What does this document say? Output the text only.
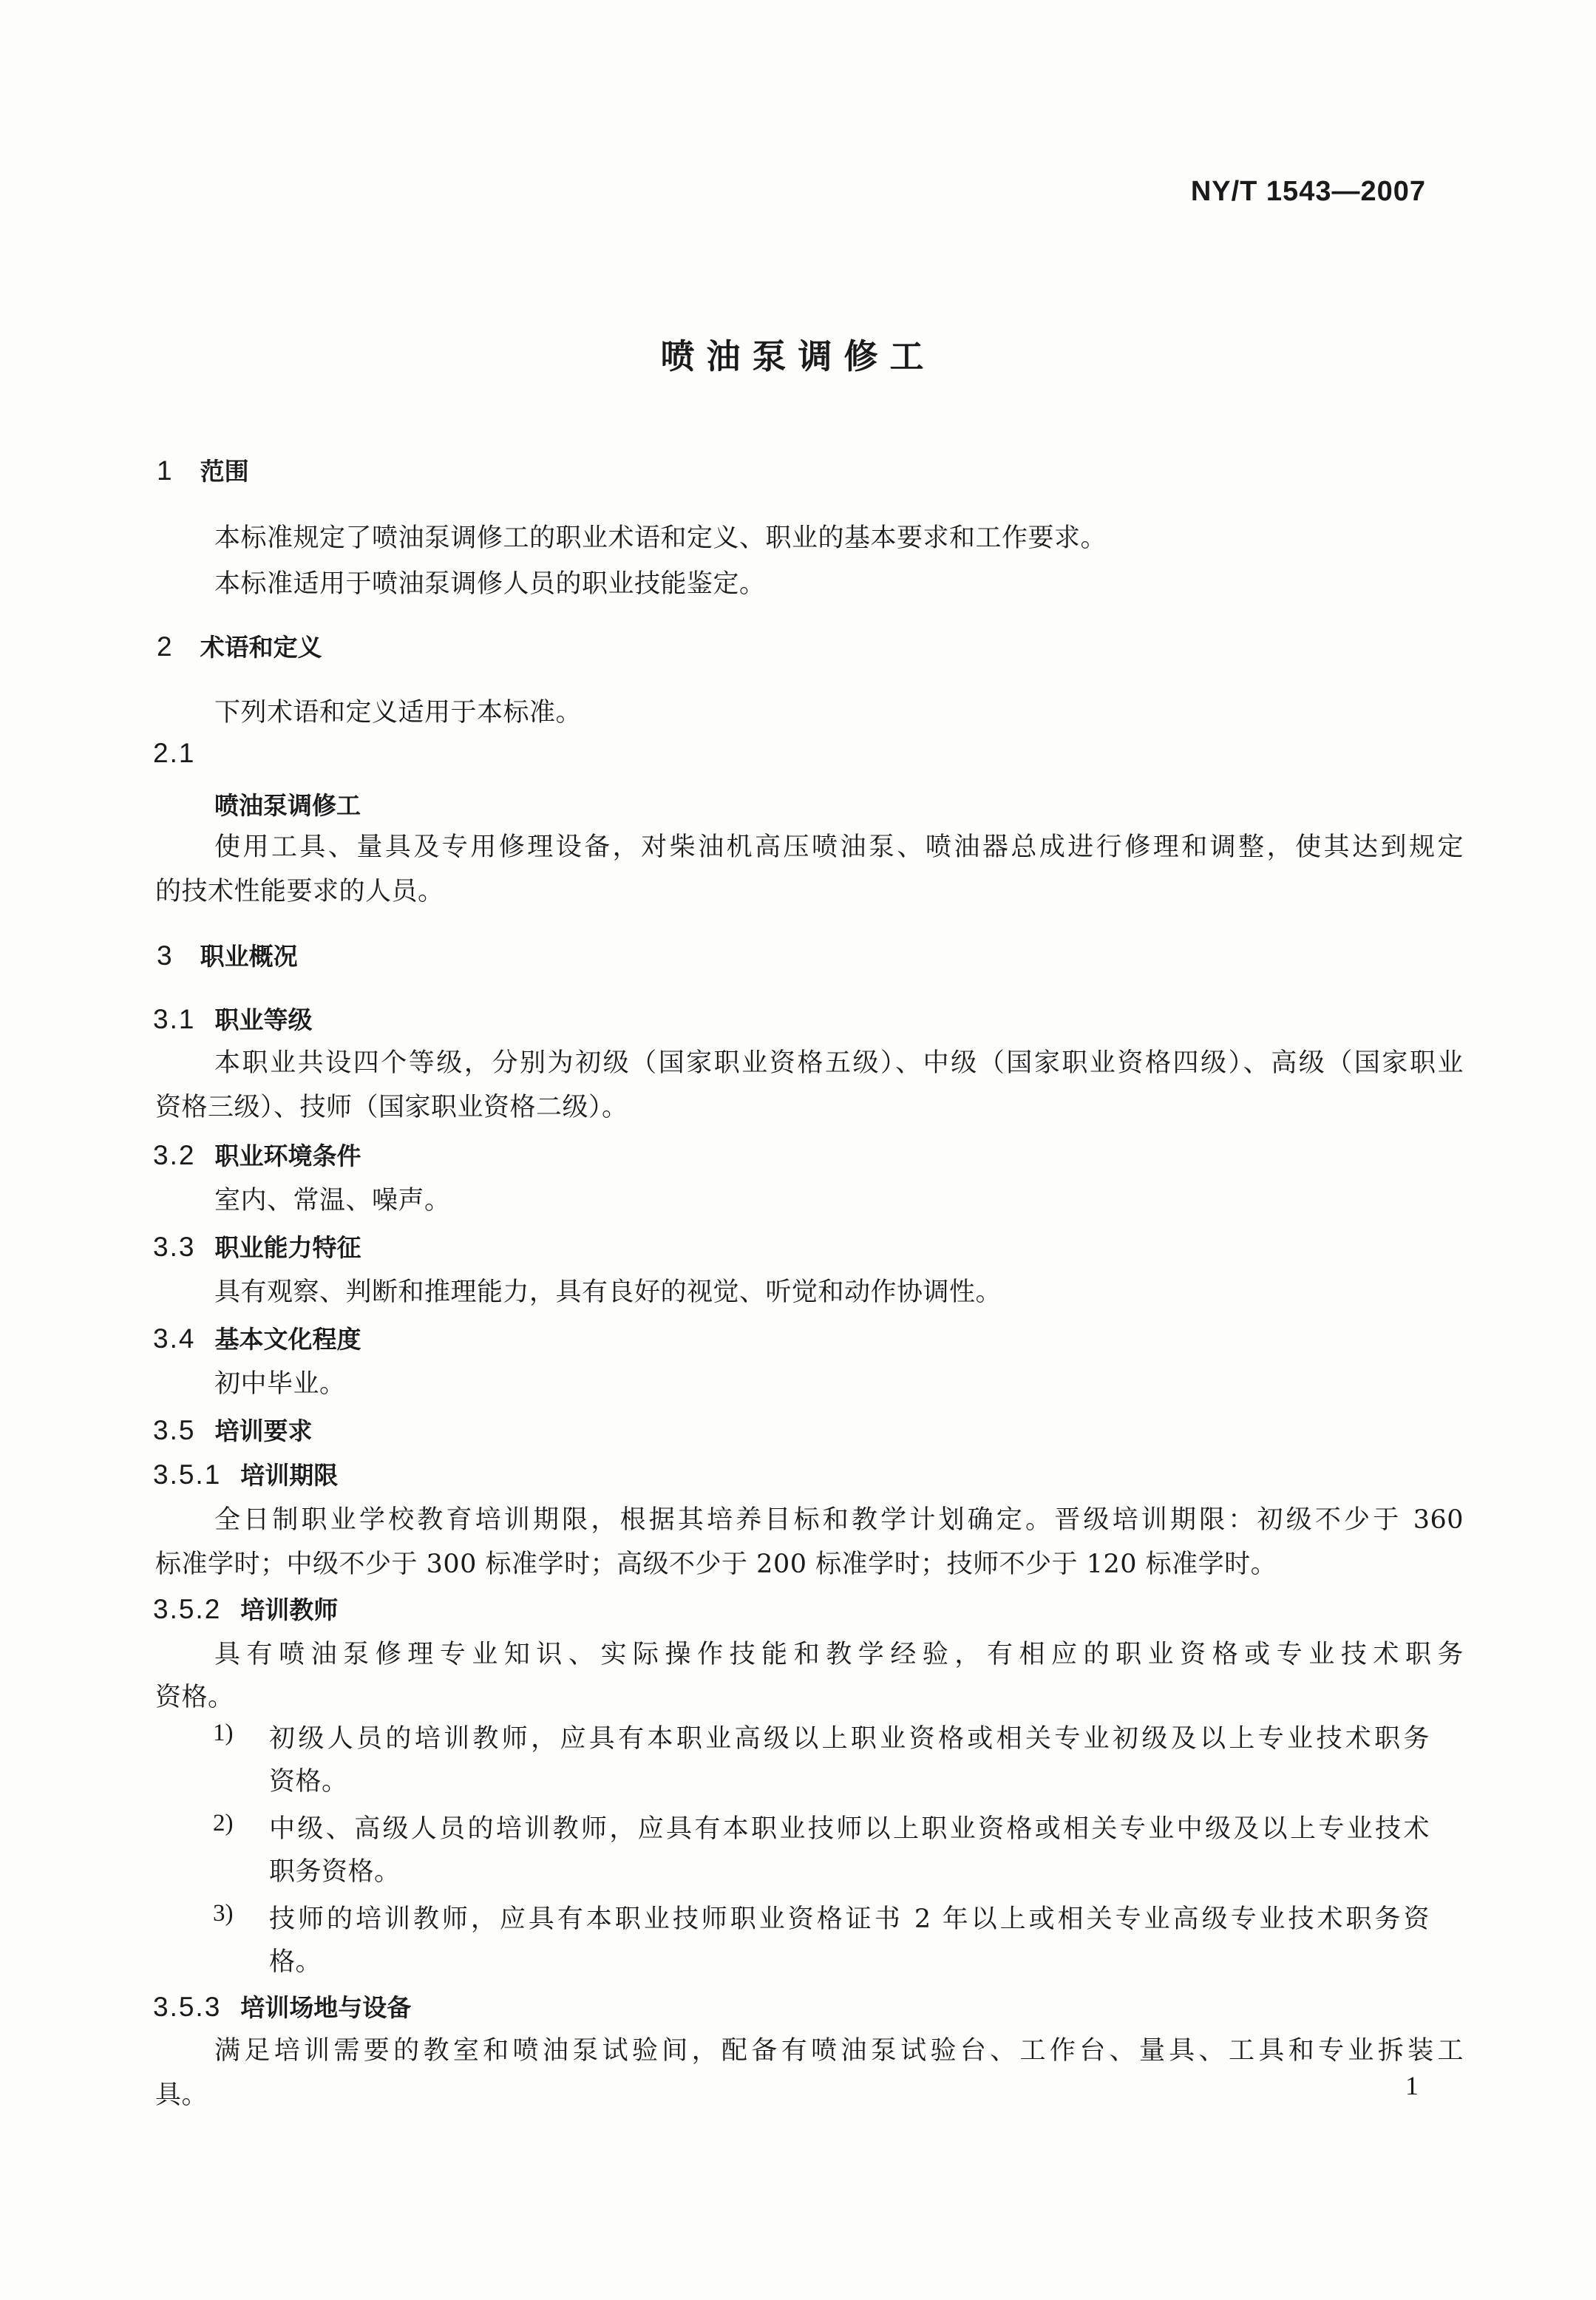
NY/T 1543—2007
喷油泵调修工
1 范围
本标准规定了喷油泵调修工的职业术语和定义、职业的基本要求和工作要求。
本标准适用于喷油泵调修人员的职业技能鉴定。
2 术语和定义
下列术语和定义适用于本标准。
2.1
喷油泵调修工
使用工具、量具及专用修理设备，对柴油机高压喷油泵、喷油器总成进行修理和调整，使其达到规定
的技术性能要求的人员。
3 职业概况
3.1 职业等级
本职业共设四个等级，分别为初级（国家职业资格五级）、中级（国家职业资格四级）、高级（国家职业
资格三级）、技师（国家职业资格二级）。
3.2 职业环境条件
室内、常温、噪声。
3.3 职业能力特征
具有观察、判断和推理能力，具有良好的视觉、听觉和动作协调性。
3.4 基本文化程度
初中毕业。
3.5 培训要求
3.5.1 培训期限
全日制职业学校教育培训期限，根据其培养目标和教学计划确定。晋级培训期限：初级不少于 360
标准学时；中级不少于 300 标准学时；高级不少于 200 标准学时；技师不少于 120 标准学时。
3.5.2 培训教师
具有喷油泵修理专业知识、实际操作技能和教学经验，有相应的职业资格或专业技术职务
资格。
1) 初级人员的培训教师，应具有本职业高级以上职业资格或相关专业初级及以上专业技术职务
资格。
2) 中级、高级人员的培训教师，应具有本职业技师以上职业资格或相关专业中级及以上专业技术
职务资格。
3) 技师的培训教师，应具有本职业技师职业资格证书 2 年以上或相关专业高级专业技术职务资
格。
3.5.3 培训场地与设备
满足培训需要的教室和喷油泵试验间，配备有喷油泵试验台、工作台、量具、工具和专业拆装工
具。	1
